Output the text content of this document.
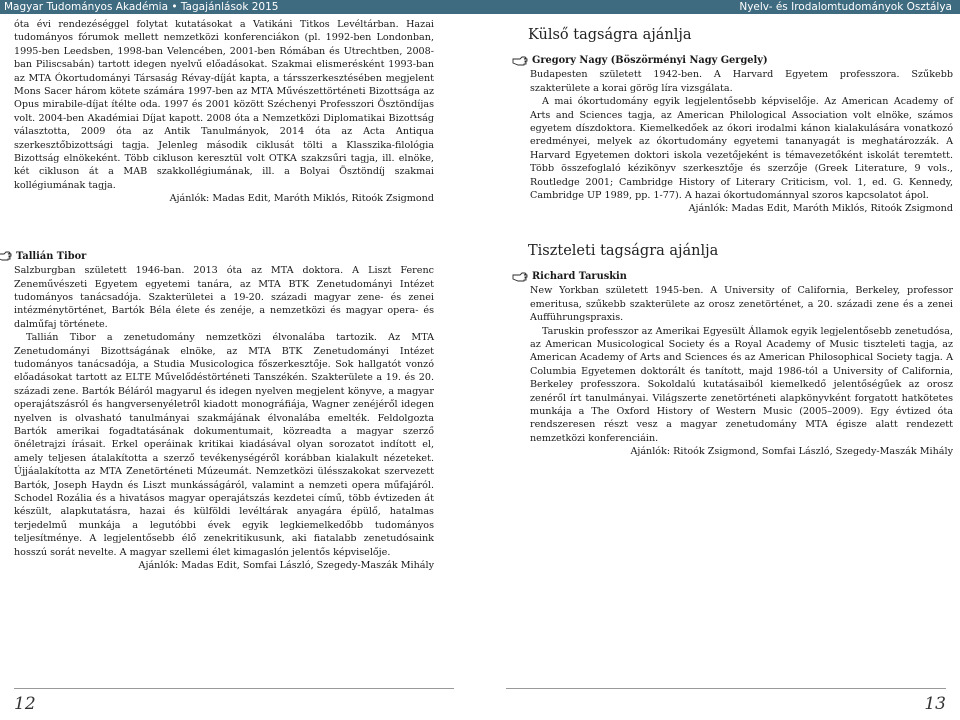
Magyar Tudományos Akadémia • Tagajánlások 2015	Nyelv- és Irodalomtudományok Osztálya

ótа évi rendezéséggel folytat kutatásokat a Vatikáni Titkos Levéltárban. Hazai tudományos fórumok mellett nemzetközi konferenciákon (pl. 1992-ben Londonban, 1995-ben Leedsben, 1998-ban Velencében, 2001-ben Rómában és Utrechtben, 2008-ban Piliscsabán) tartott idegen nyelvű előadásokat. Szakmai elismerésként 1993-ban az MTA Ókortudományi Társaság Révay-díját kapta, a társszerkesztésében megjelent Mons Sacer három kötete számára 1997-ben az MTA Művészettörténeti Bizottsága az Opus mirabile-díjat ítélte oda. 1997 és 2001 között Széchenyi Professzori Ösztöndíjas volt. 2004-ben Akadémiai Díjat kapott. 2008 óta a Nemzetközi Diplomatikai Bizottság választotta, 2009 óta az Antik Tanulmányok, 2014 óta az Acta Antiqua szerkesztőbizottsági tagja. Jelenleg második ciklusát tölti a Klasszika-filológia Bizottság elnökeként. Több cikluson keresztül volt OTKA szakzsűri tagja, ill. elnöke, két cikluson át a MAB szakkollégiumának, ill. a Bolyai Ösztöndíj szakmai kollégiumának tagja.

Ajánlók: Madas Edit, Maróth Miklós, Ritoók Zsigmond

Tallián Tibor

Salzburgban született 1946-ban. 2013 óta az MTA doktora. A Liszt Ferenc Zeneművészeti Egyetem egyetemi tanára, az MTA BTK Zenetudományi Intézet tudományos tanácsadója. Szakterületei a 19-20. századi magyar zene- és zenei intézménytörténet, Bartók Béla élete és zenéje, a nemzetközi és magyar opera- és dalműfaj története.

Tallián Tibor a zenetudomány nemzetközi élvonalába tartozik. Az MTA Zenetudományi Bizottságának elnöke, az MTA BTK Zenetudományi Intézet tudományos tanácsadója, a Studia Musicologica főszerkesztője. Sok hallgatót vonzó előadásokat tartott az ELTE Művelődéstörténeti Tanszékén. Szakterülete a 19. és 20. századi zene. Bartók Béláról magyarul és idegen nyelven megjelent könyve, a magyar operajátszásról és hangversenyéletről kiadott monográfiája, Wagner zenéjéről idegen nyelven is olvasható tanulmányai szakmájának élvonalába emelték. Feldolgozta Bartók amerikai fogadtatásának dokumentumait, közreadta a magyar szerző önéletrajzi írásait. Erkel operáinak kritikai kiadásával olyan sorozatot indított el, amely teljesen átalakította a szerző tevékenységéről korábban kialakult nézeteket. Újjáalakította az MTA Zenetörténeti Múzeumát. Nemzetközi ülésszakokat szervezett Bartók, Joseph Haydn és Liszt munkásságáról, valamint a nemzeti opera műfajáról. Schodel Rozália és a hivatásos magyar operajátszás kezdetei című, több évtizeden át készült, alapkutatásra, hazai és külföldi levéltárak anyagára épülő, hatalmas terjedelmű munkája a legutóbbi évek egyik legkiemelkedőbb tudományos teljesítménye. A legjelentősebb élő zenekritikusunk, aki fiatalabb zenetudósaink hosszú sorát nevelte. A magyar szellemi élet kimagaslón jelentős képviselője.

Ajánlók: Madas Edit, Somfai László, Szegedy-Maszák Mihály

Külső tagságra ajánlja
Gregory Nagy (Böszörményi Nagy Gergely)

Budapesten született 1942-ben. A Harvard Egyetem professzora. Szűkebb szakterülete a korai görög líra vizsgálata.

A mai ókortudomány egyik legjelentősebb képviselője. Az American Academy of Arts and Sciences tagja, az American Philological Association volt elnöke, számos egyetem díszdoktora. Kiemelkedőek az ókori irodalmi kánon kialakulására vonatkozó eredményei, melyek az ókortudomány egyetemi tananyagát is meghatározzák. A Harvard Egyetemen doktori iskola vezetőjeként is témavezetőként iskolát teremtett. Több összefoglaló kézikönyv szerkesztője és szerzője (Greek Literature, 9 vols., Routledge 2001; Cambridge History of Literary Criticism, vol. 1, ed. G. Kennedy, Cambridge UP 1989, pp. 1-77). A hazai ókortudománnyal szoros kapcsolatot ápol.

Ajánlók: Madas Edit, Maróth Miklós, Ritoók Zsigmond

Tiszteleti tagságra ajánlja
Richard Taruskin

New Yorkban született 1945-ben. A University of California, Berkeley, professor emeritusa, szűkebb szakterülete az orosz zenetörténet, a 20. századi zene és a zenei Aufführungspraxis.

Taruskin professzor az Amerikai Egyesült Államok egyik legjelentősebb zenetudósa, az American Musicological Society és a Royal Academy of Music tiszteleti tagja, az American Academy of Arts and Sciences és az American Philosophical Society tagja. A Columbia Egyetemen doktorált és tanított, majd 1986-tól a University of California, Berkeley professzora. Sokoldalú kutatásaiból kiemelkedő jelentőségűek az orosz zenéről írt tanulmányai. Világszerte zenetörténeti alapkönyvként forgatott hatkötetes munkája a The Oxford History of Western Music (2005–2009). Egy évtized óta rendszeresen részt vesz a magyar zenetudomány MTA égisze alatt rendezett nemzetközi konferenciáin.

Ajánlók: Ritoók Zsigmond, Somfai László, Szegedy-Maszák Mihály

12	13
